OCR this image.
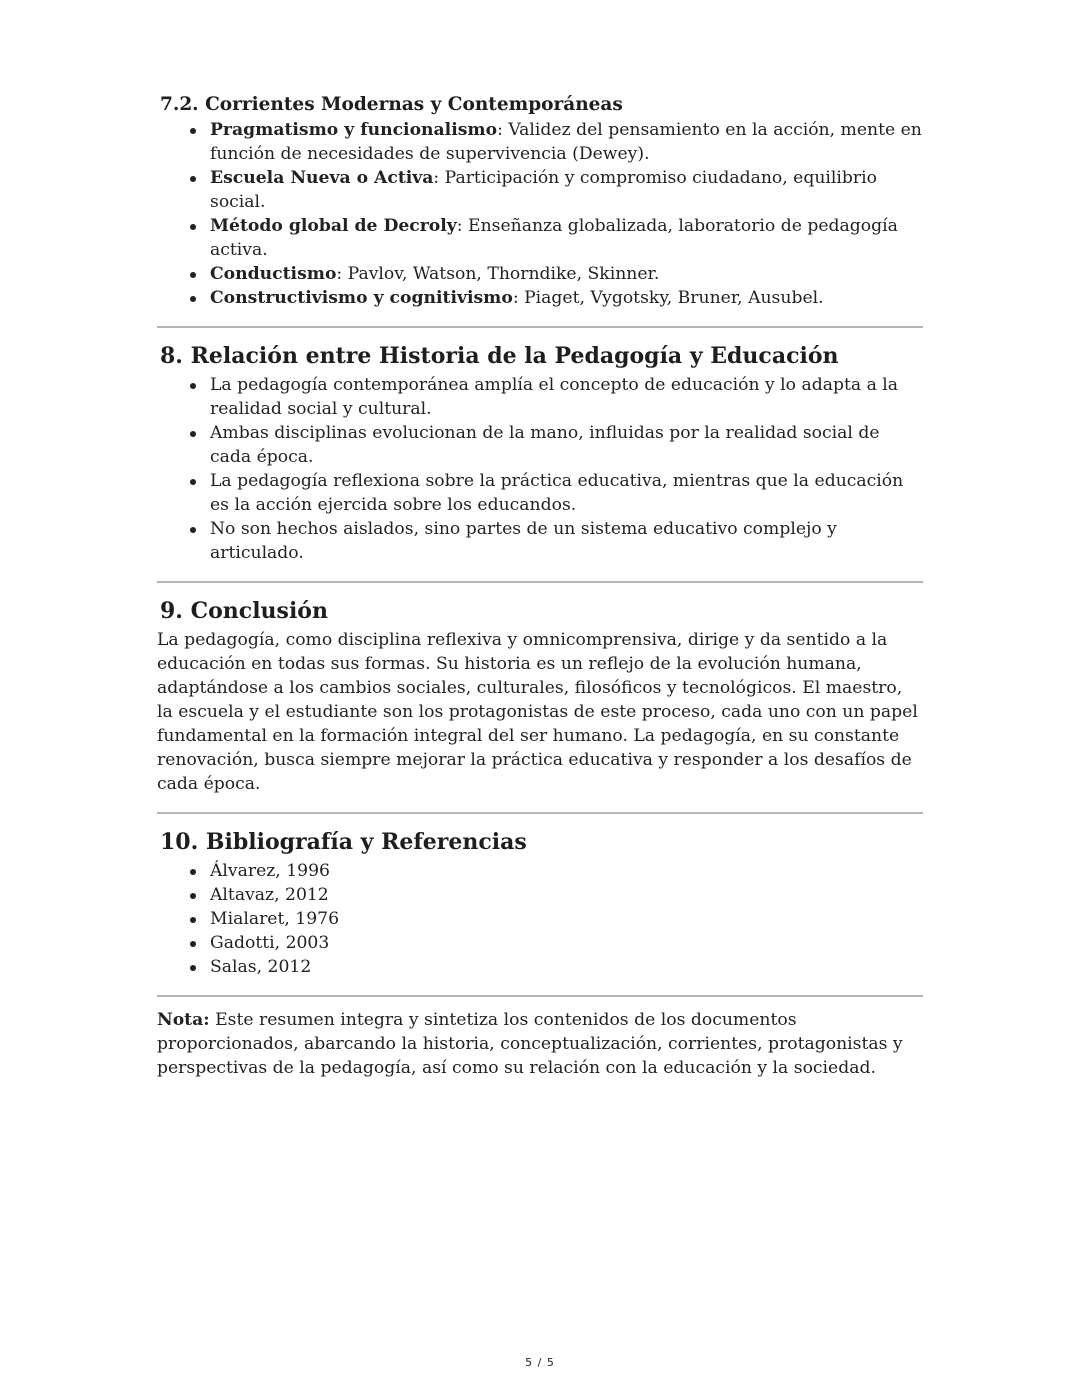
7.2. Corrientes Modernas y Contemporáneas
Pragmatismo y funcionalismo: Validez del pensamiento en la acción, mente en función de necesidades de supervivencia (Dewey).
Escuela Nueva o Activa: Participación y compromiso ciudadano, equilibrio social.
Método global de Decroly: Enseñanza globalizada, laboratorio de pedagogía activa.
Conductismo: Pavlov, Watson, Thorndike, Skinner.
Constructivismo y cognitivismo: Piaget, Vygotsky, Bruner, Ausubel.
8. Relación entre Historia de la Pedagogía y Educación
La pedagogía contemporánea amplía el concepto de educación y lo adapta a la realidad social y cultural.
Ambas disciplinas evolucionan de la mano, influidas por la realidad social de cada época.
La pedagogía reflexiona sobre la práctica educativa, mientras que la educación es la acción ejercida sobre los educandos.
No son hechos aislados, sino partes de un sistema educativo complejo y articulado.
9. Conclusión

La pedagogía, como disciplina reflexiva y omnicomprensiva, dirige y da sentido a la educación en todas sus formas. Su historia es un reflejo de la evolución humana, adaptándose a los cambios sociales, culturales, filosóficos y tecnológicos. El maestro, la escuela y el estudiante son los protagonistas de este proceso, cada uno con un papel fundamental en la formación integral del ser humano. La pedagogía, en su constante renovación, busca siempre mejorar la práctica educativa y responder a los desafíos de cada época.

10. Bibliografía y Referencias
Álvarez, 1996
Altavaz, 2012
Mialaret, 1976
Gadotti, 2003
Salas, 2012

Nota: Este resumen integra y sintetiza los contenidos de los documentos proporcionados, abarcando la historia, conceptualización, corrientes, protagonistas y perspectivas de la pedagogía, así como su relación con la educación y la sociedad.

5 / 5
